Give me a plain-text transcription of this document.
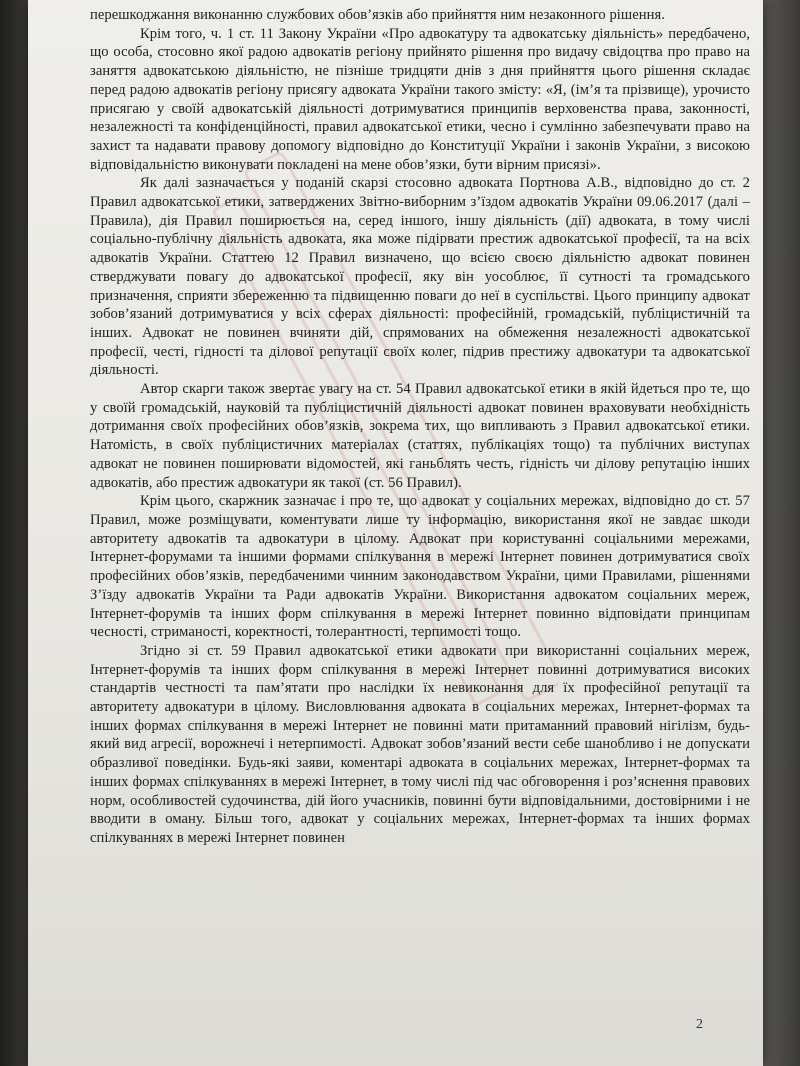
перешкоджання виконанню службових обов’язків або прийняття ним незаконного рішення.

Крім того, ч. 1 ст. 11 Закону України «Про адвокатуру та адвокатську діяльність» передбачено, що особа, стосовно якої радою адвокатів регіону прийнято рішення про видачу свідоцтва про право на заняття адвокатською діяльністю, не пізніше тридцяти днів з дня прийняття цього рішення складає перед радою адвокатів регіону присягу адвоката України такого змісту: «Я, (ім’я та прізвище), урочисто присягаю у своїй адвокатській діяльності дотримуватися принципів верховенства права, законності, незалежності та конфіденційності, правил адвокатської етики, чесно і сумлінно забезпечувати право на захист та надавати правову допомогу відповідно до Конституції України і законів України, з високою відповідальністю виконувати покладені на мене обов’язки, бути вірним присязі».

Як далі зазначається у поданій скарзі стосовно адвоката Портнова А.В., відповідно до ст. 2 Правил адвокатської етики, затверджених Звітно-виборним з’їздом адвокатів України 09.06.2017 (далі – Правила), дія Правил поширюється на, серед іншого, іншу діяльність (дії) адвоката, в тому числі соціально-публічну діяльність адвоката, яка може підірвати престиж адвокатської професії, та на всіх адвокатів України. Статтею 12 Правил визначено, що всією своєю діяльністю адвокат повинен стверджувати повагу до адвокатської професії, яку він уособлює, її сутності та громадського призначення, сприяти збереженню та підвищенню поваги до неї в суспільстві. Цього принципу адвокат зобов’язаний дотримуватися у всіх сферах діяльності: професійній, громадській, публіцистичній та інших. Адвокат не повинен вчиняти дій, спрямованих на обмеження незалежності адвокатської професії, честі, гідності та ділової репутації своїх колег, підрив престижу адвокатури та адвокатської діяльності.

Автор скарги також звертає увагу на ст. 54 Правил адвокатської етики в якій йдеться про те, що у своїй громадській, науковій та публіцистичній діяльності адвокат повинен враховувати необхідність дотримання своїх професійних обов’язків, зокрема тих, що випливають з Правил адвокатської етики. Натомість, в своїх публіцистичних матеріалах (статтях, публікаціях тощо) та публічних виступах адвокат не повинен поширювати відомостей, які ганьблять честь, гідність чи ділову репутацію інших адвокатів, або престиж адвокатури як такої (ст. 56 Правил).

Крім цього, скаржник зазначає і про те, що адвокат у соціальних мережах, відповідно до ст. 57 Правил, може розміщувати, коментувати лише ту інформацію, використання якої не завдає шкоди авторитету адвокатів та адвокатури в цілому. Адвокат при користуванні соціальними мережами, Інтернет-форумами та іншими формами спілкування в мережі Інтернет повинен дотримуватися своїх професійних обов’язків, передбаченими чинним законодавством України, цими Правилами, рішеннями З’їзду адвокатів України та Ради адвокатів України. Використання адвокатом соціальних мереж, Інтернет-форумів та інших форм спілкування в мережі Інтернет повинно відповідати принципам чесності, стриманості, коректності, толерантності, терпимості тощо.

Згідно зі ст. 59 Правил адвокатської етики адвокати при використанні соціальних мереж, Інтернет-форумів та інших форм спілкування в мережі Інтернет повинні дотримуватися високих стандартів честності та пам’ятати про наслідки їх невиконання для їх професійної репутації та авторитету адвокатури в цілому. Висловлювання адвоката в соціальних мережах, Інтернет-формах та інших формах спілкування в мережі Інтернет не повинні мати притаманний правовий нігілізм, будь-який вид агресії, ворожнечі і нетерпимості. Адвокат зобов’язаний вести себе шанобливо і не допускати образливої поведінки. Будь-які заяви, коментарі адвоката в соціальних мережах, Інтернет-формах та інших формах спілкуваннях в мережі Інтернет, в тому числі під час обговорення і роз’яснення правових норм, особливостей судочинства, дій його учасників, повинні бути відповідальними, достовірними і не вводити в оману. Більш того, адвокат у соціальних мережах, Інтернет-формах та інших формах спілкуваннях в мережі Інтернет повинен

2
